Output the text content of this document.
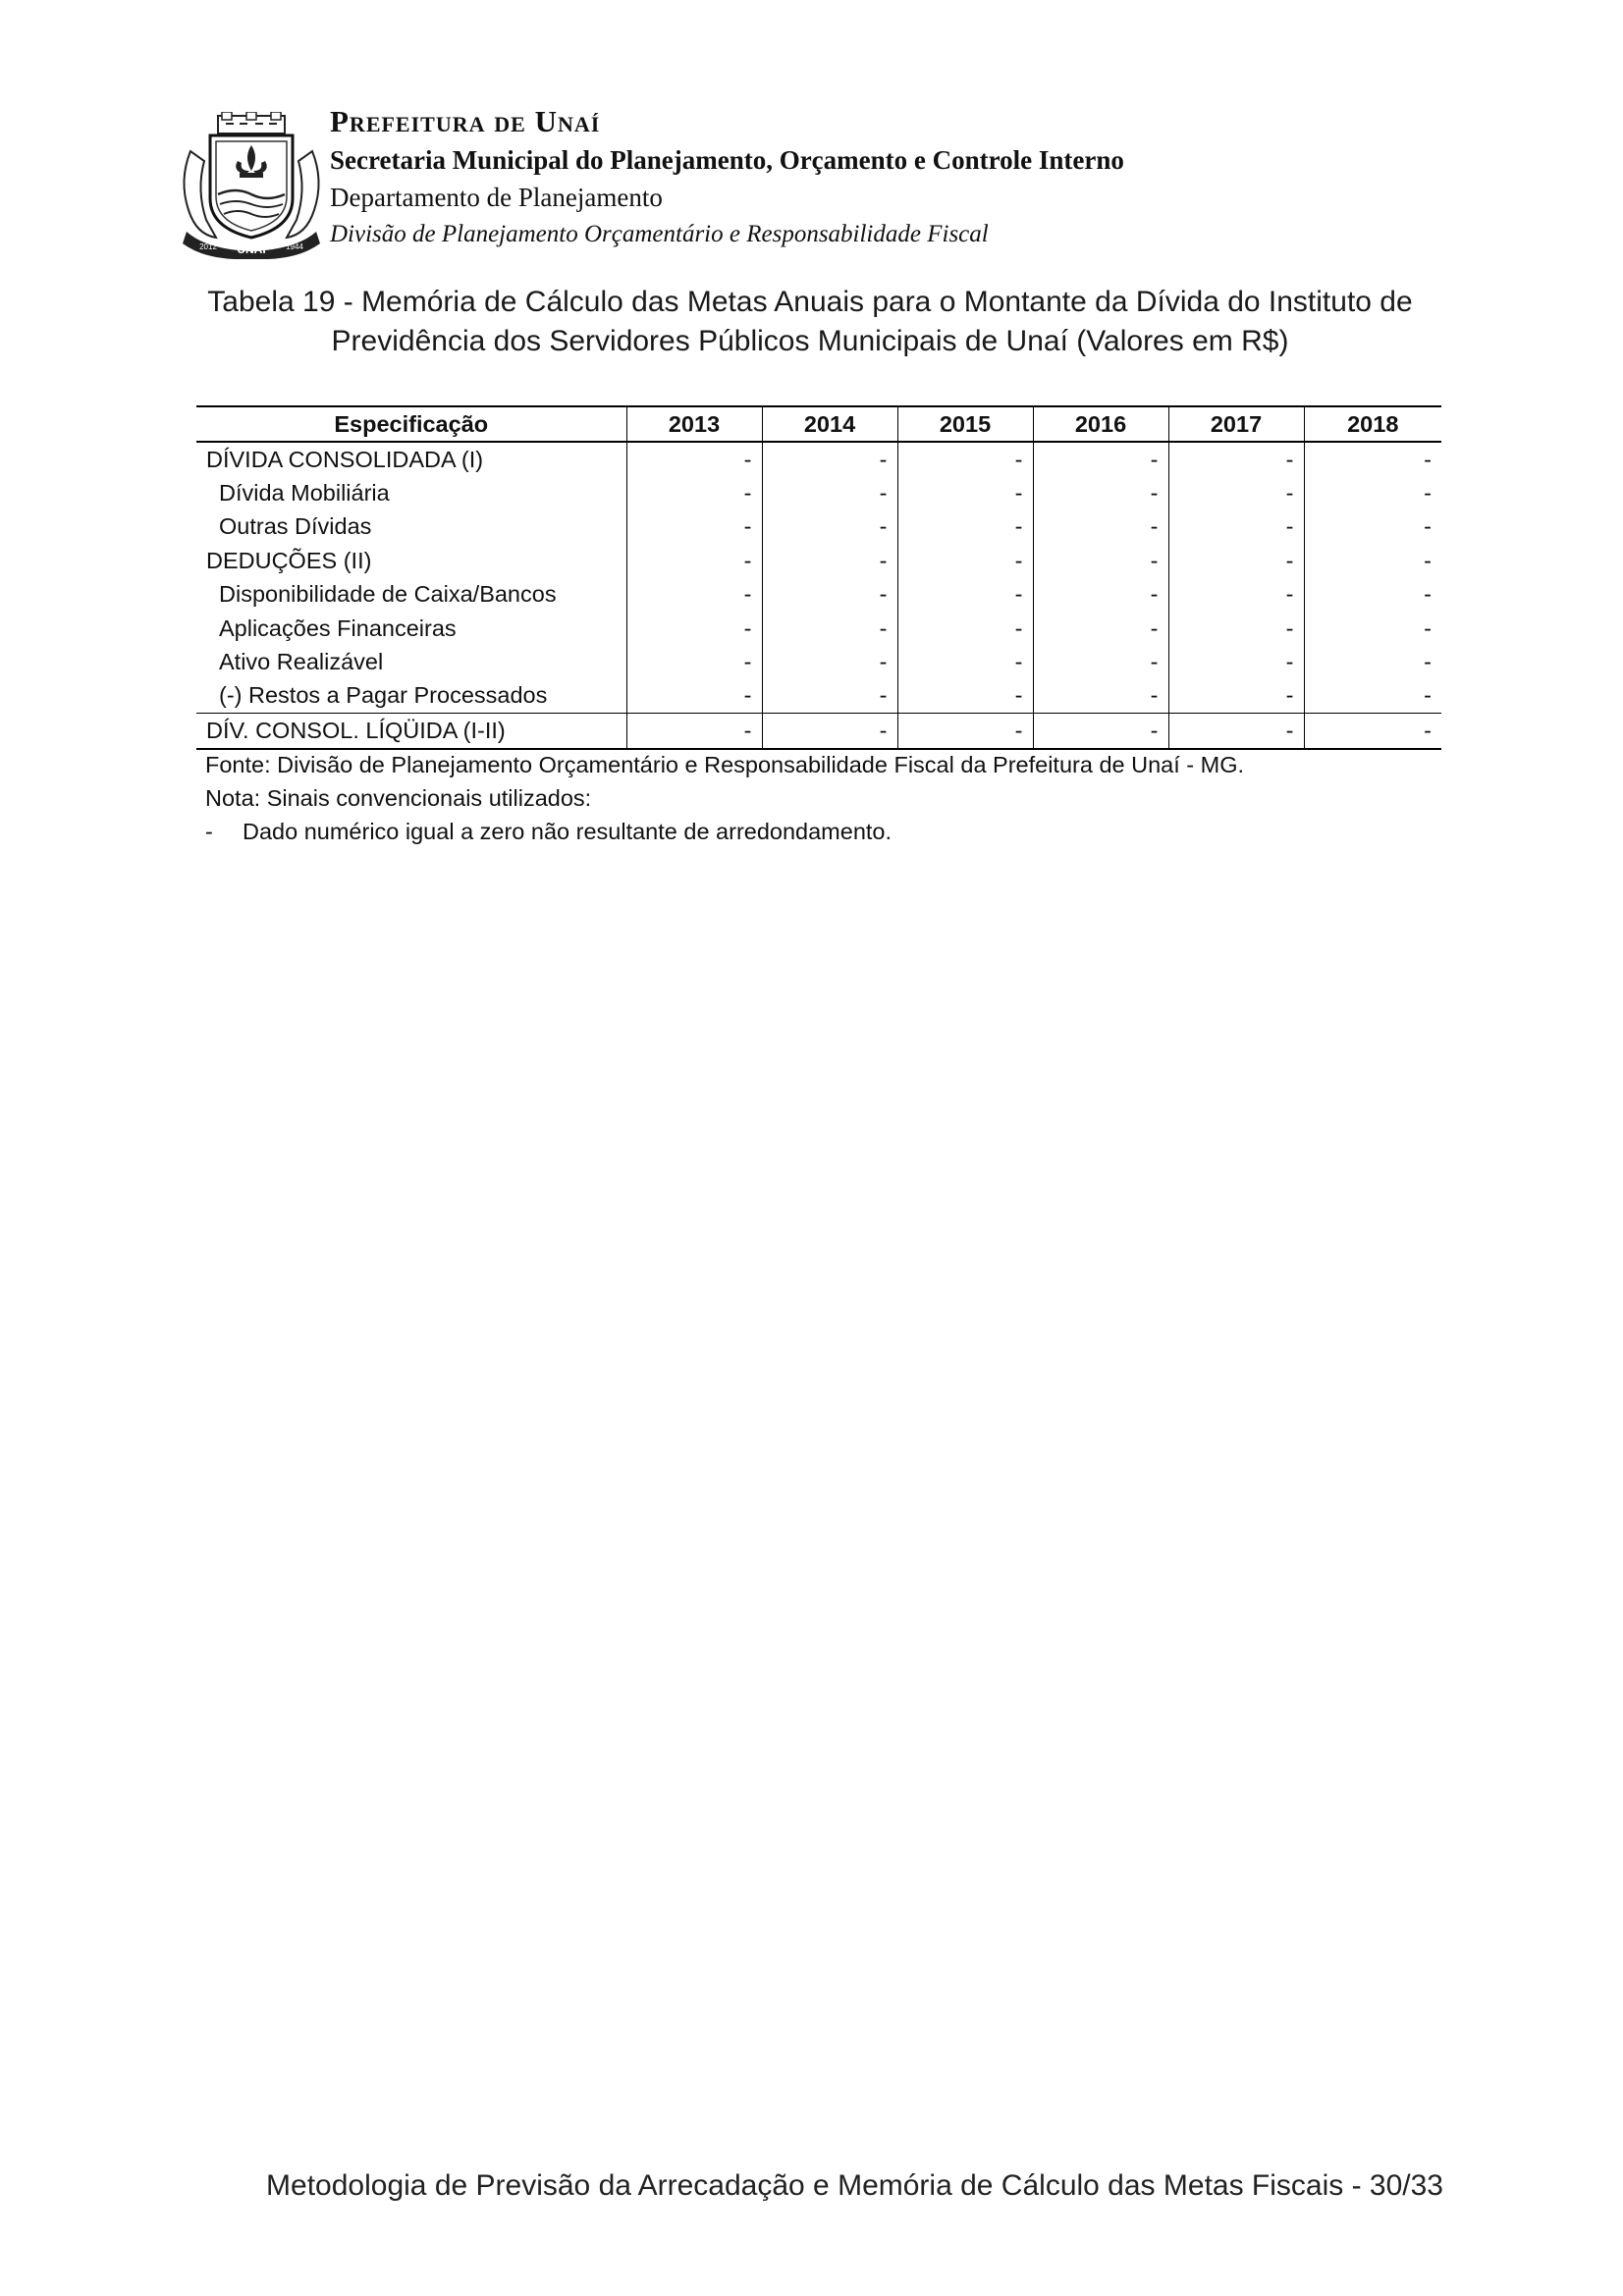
UNAÍ
2012	1944
Prefeitura de Unaí
Secretaria Municipal do Planejamento, Orçamento e Controle Interno
Departamento de Planejamento
Divisão de Planejamento Orçamentário e Responsabilidade Fiscal
Tabela 19 - Memória de Cálculo das Metas Anuais para o Montante da Dívida do Instituto de
Previdência dos Servidores Públicos Municipais de Unaí (Valores em R$)
Especificação	2013	2014	2015	2016	2017	2018
DÍVIDA CONSOLIDADA (I)	-	-	-	-	-	-
Dívida Mobiliária	-	-	-	-	-	-
Outras Dívidas	-	-	-	-	-	-
DEDUÇÕES (II)	-	-	-	-	-	-
Disponibilidade de Caixa/Bancos	-	-	-	-	-	-
Aplicações Financeiras	-	-	-	-	-	-
Ativo Realizável	-	-	-	-	-	-
(-) Restos a Pagar Processados	-	-	-	-	-	-
DÍV. CONSOL. LÍQÜIDA (I-II)	-	-	-	-	-	-
Fonte: Divisão de Planejamento Orçamentário e Responsabilidade Fiscal da Prefeitura de Unaí - MG.
Nota: Sinais convencionais utilizados:
- Dado numérico igual a zero não resultante de arredondamento.
Metodologia de Previsão da Arrecadação e Memória de Cálculo das Metas Fiscais - 30/33
